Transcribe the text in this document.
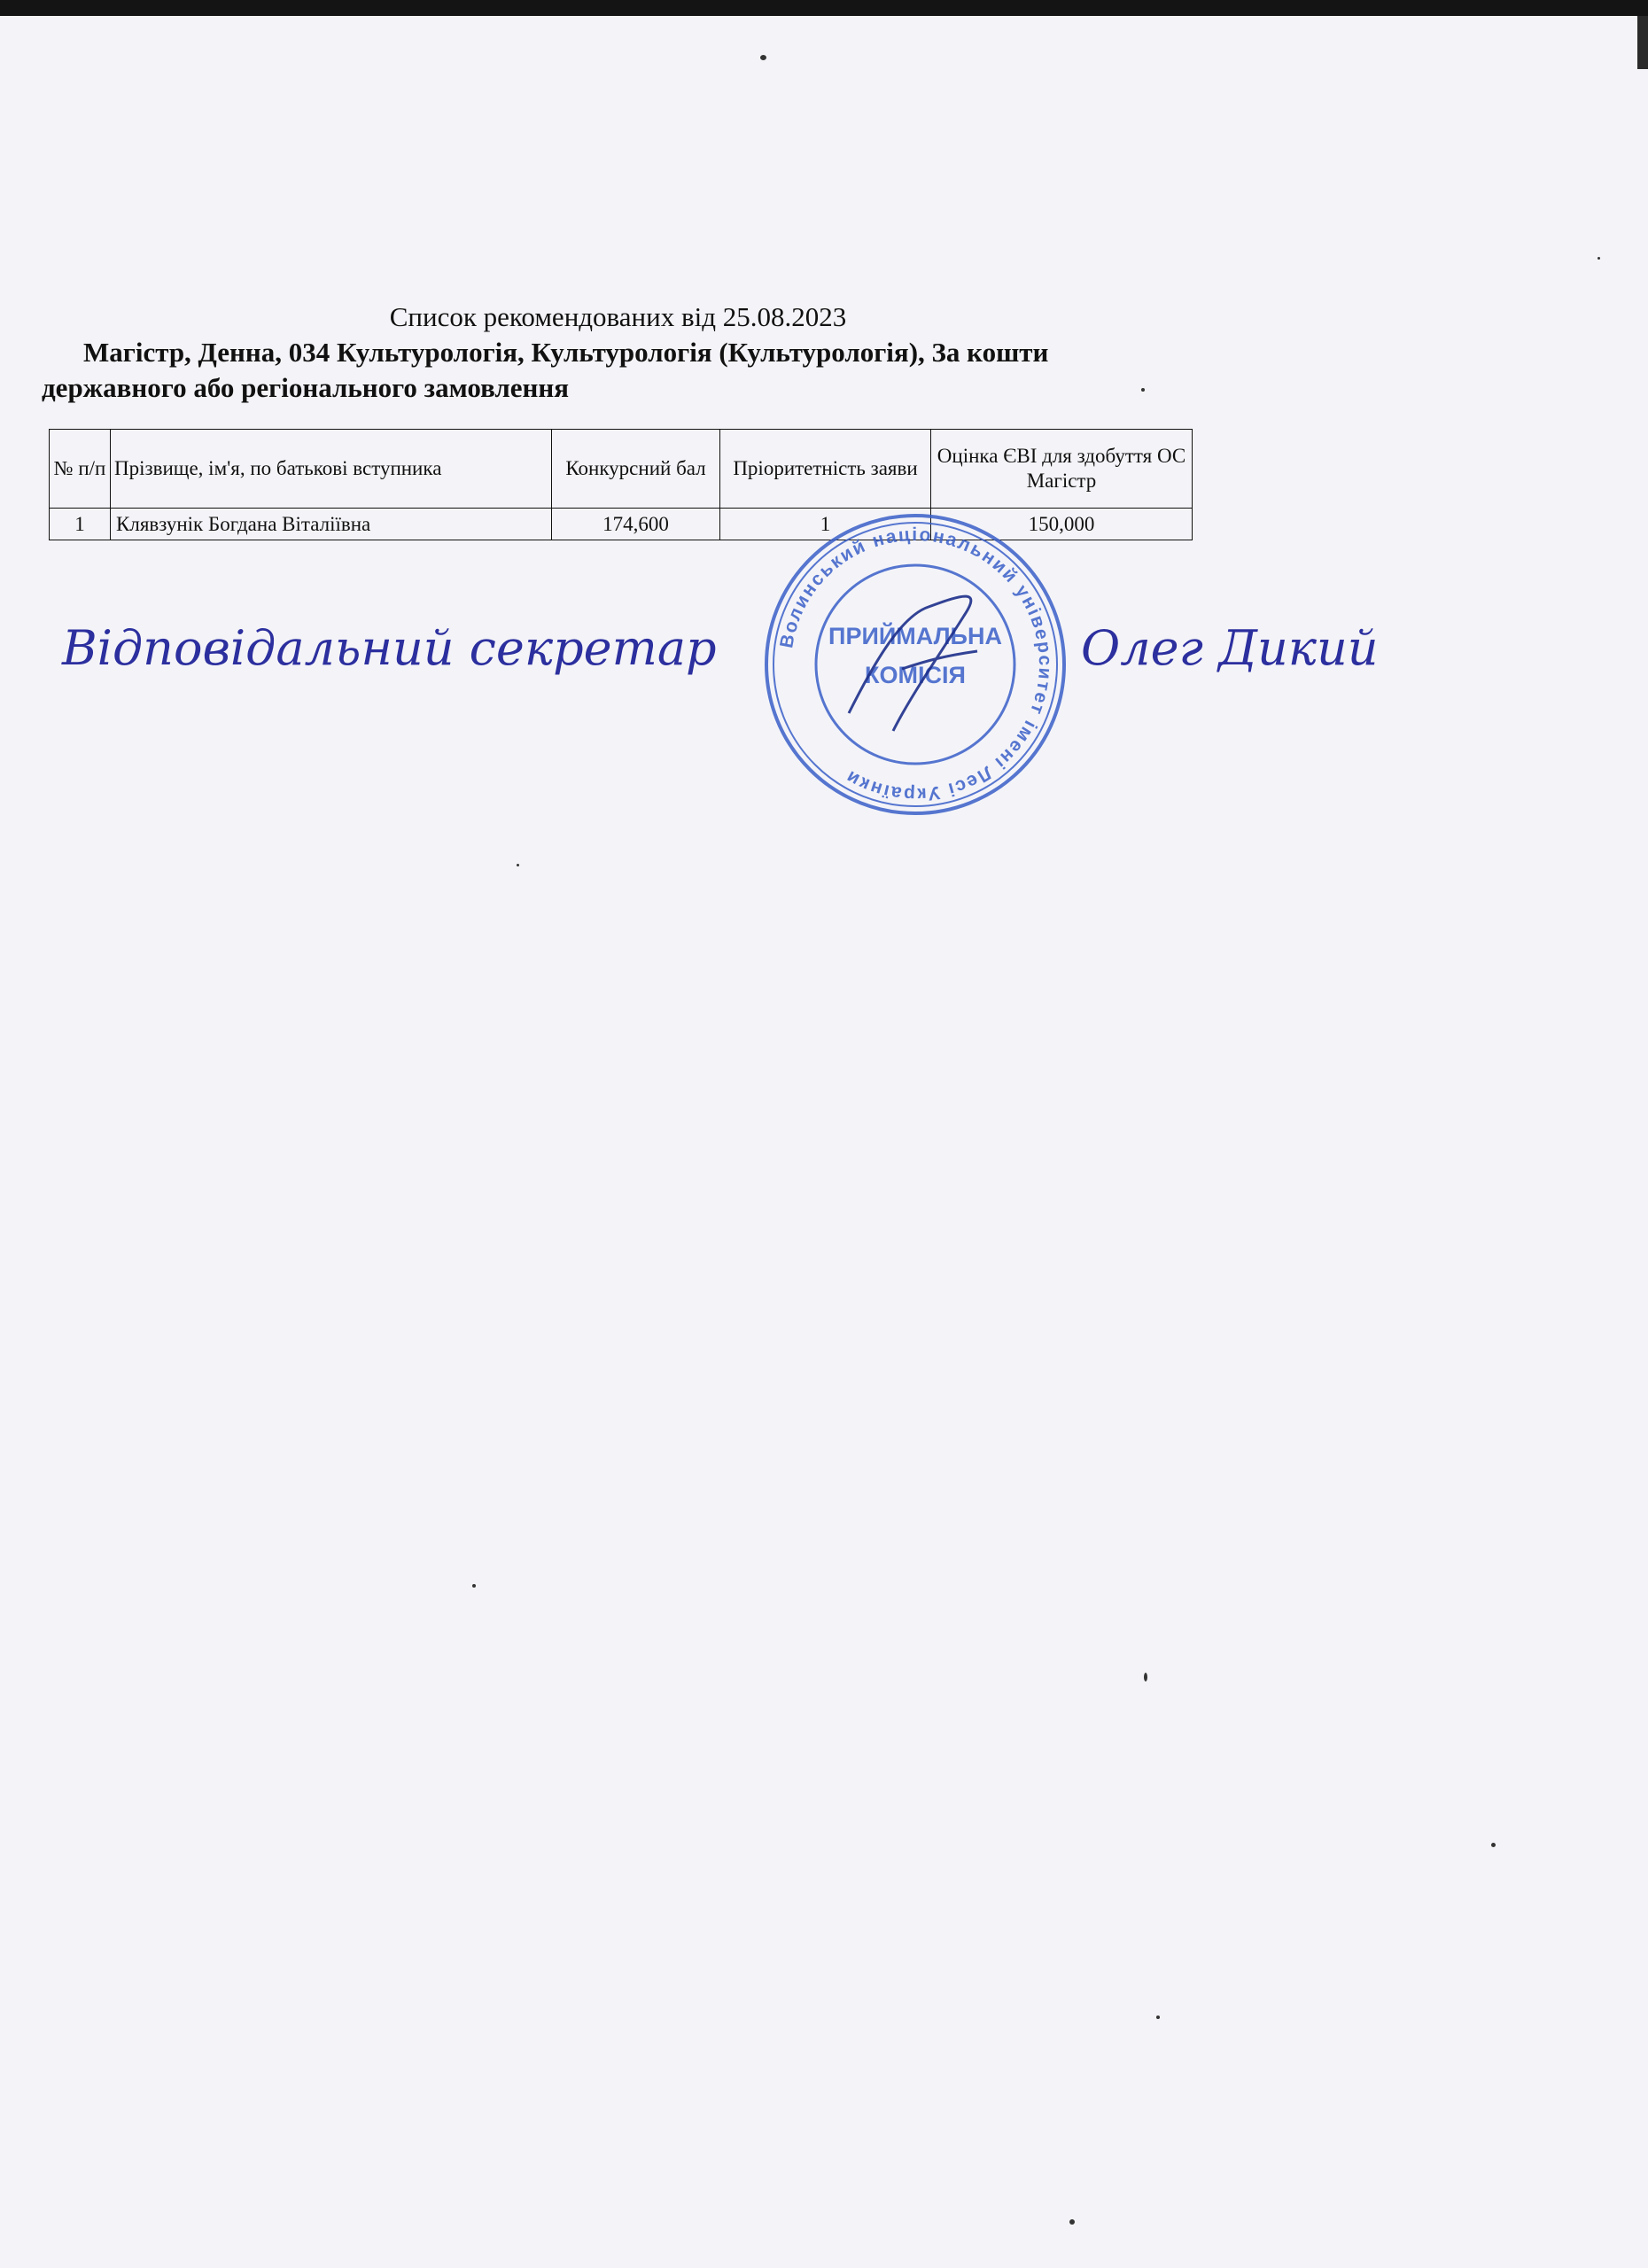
Список рекомендованих від 25.08.2023
Магістр, Денна, 034 Культурологія, Культурологія (Культурологія), За кошти державного або регіонального замовлення
№ п/п	Прізвище, ім'я, по батькові вступника	Конкурсний бал	Пріоритетність заяви	Оцінка ЄВІ для здобуття ОС Магістр
1	Клявзунік Богдана Віталіївна	174,600	1	150,000
Відповідальний секретар	Олег Дикий
Волинський національний університет імені Лесі Українки
ПРИЙМАЛЬНА
КОМІСІЯ
